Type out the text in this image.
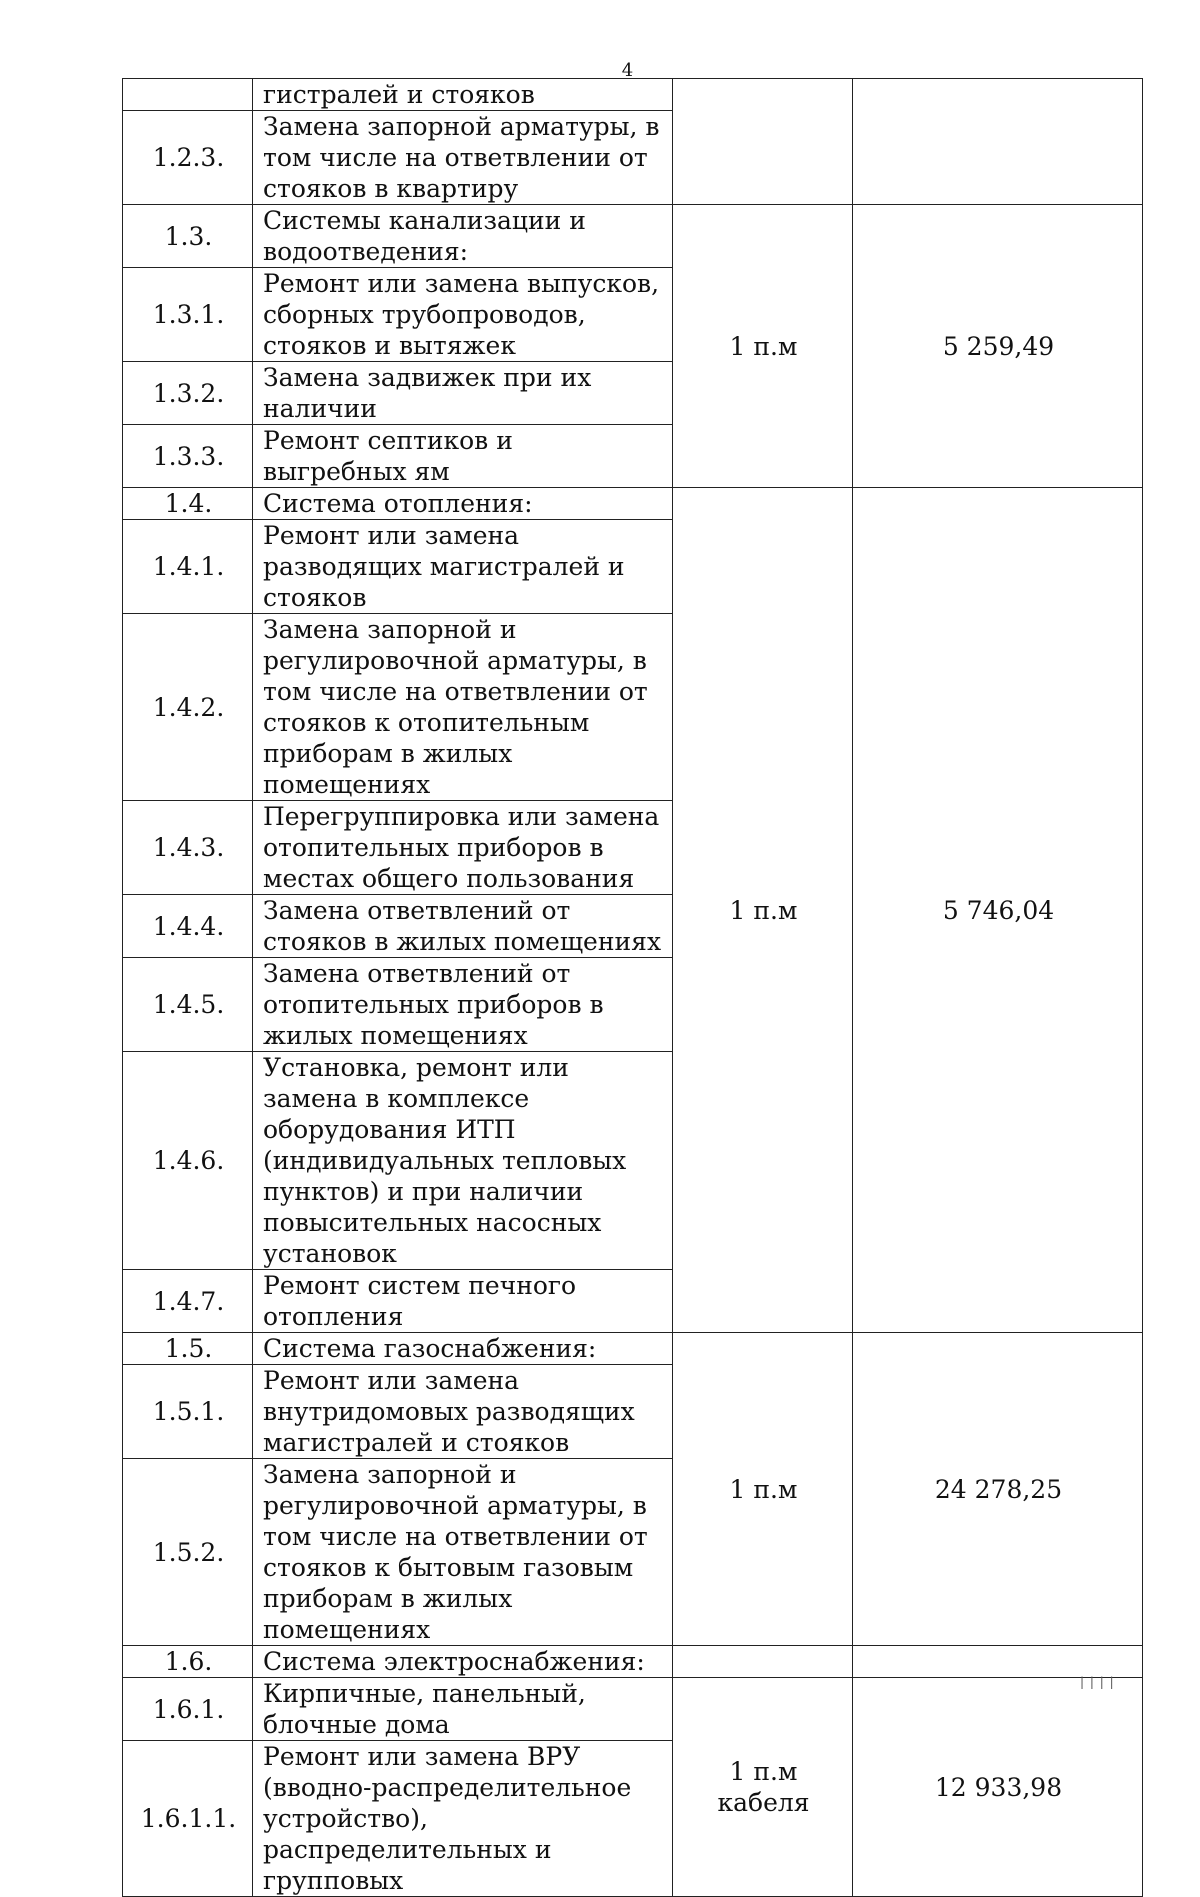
4
	гистралей и стояков		
1.2.3.	Замена запорной арматуры, в том числе на ответвлении от стояков в квартиру		
1.3.	Системы канализации и водоотведения:	1 п.м	5 259,49
1.3.1.	Ремонт или замена выпусков, сборных трубопроводов, стояков и вытяжек		
1.3.2.	Замена задвижек при их наличии		
1.3.3.	Ремонт септиков и выгребных ям		
1.4.	Система отопления:	1 п.м	5 746,04
1.4.1.	Ремонт или замена разводящих магистралей и стояков		
1.4.2.	Замена запорной и регулировочной арматуры, в том числе на ответвлении от стояков к отопительным приборам в жилых помещениях		
1.4.3.	Перегруппировка или замена отопительных приборов в местах общего пользования		
1.4.4.	Замена ответвлений от стояков в жилых помещениях		
1.4.5.	Замена ответвлений от отопительных приборов в жилых помещениях		
1.4.6.	Установка, ремонт или замена в комплексе оборудования ИТП (индивидуальных тепловых пунктов) и при наличии повысительных насосных установок		
1.4.7.	Ремонт систем печного отопления		
1.5.	Система газоснабжения:	1 п.м	24 278,25
1.5.1.	Ремонт или замена внутридомовых разводящих магистралей и стояков		
1.5.2.	Замена запорной и регулировочной арматуры, в том числе на ответвлении от стояков к бытовым газовым приборам в жилых помещениях		
1.6.	Система электроснабжения:		
1.6.1.	Кирпичные, панельный, блочные дома	1 п.м кабеля	12 933,98
1.6.1.1.	Ремонт или замена ВРУ (вводно-распределительное устройство), распределительных и групповых		
| | | |
